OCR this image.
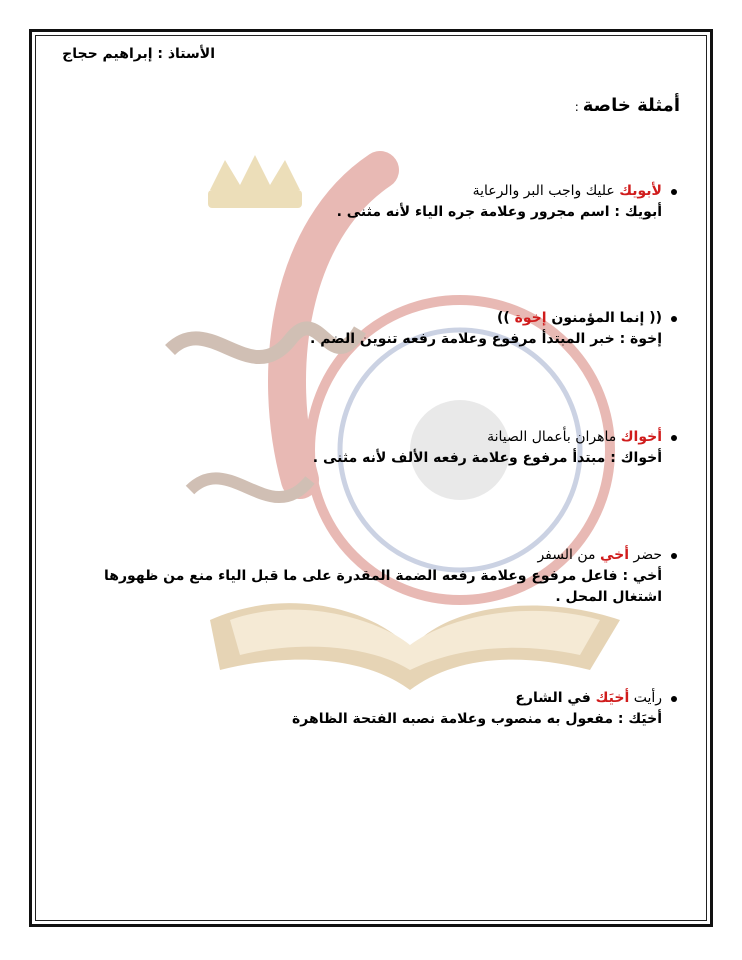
الأستاذ : إبراهيم حجاج
أمثلة خاصة:
لأبويك عليك واجب البر والرعاية
أبويك : اسم مجرور وعلامة جره الياء لأنه مثنى .
(( إنما المؤمنون إخوة ))
إخوة : خبر المبتدأ مرفوع وعلامة رفعه تنوين الضم .
أخواك ماهران بأعمال الصيانة
أخواك : مبتدأ مرفوع وعلامة رفعه الألف لأنه مثنى .
حضر أخي من السفر
أخي : فاعل مرفوع وعلامة رفعه الضمة المقدرة على ما قبل الياء منع من ظهورها اشتغال المحل .
رأيت أخيَك في الشارع
أخيَك : مفعول به منصوب وعلامة نصبه الفتحة الظاهرة
